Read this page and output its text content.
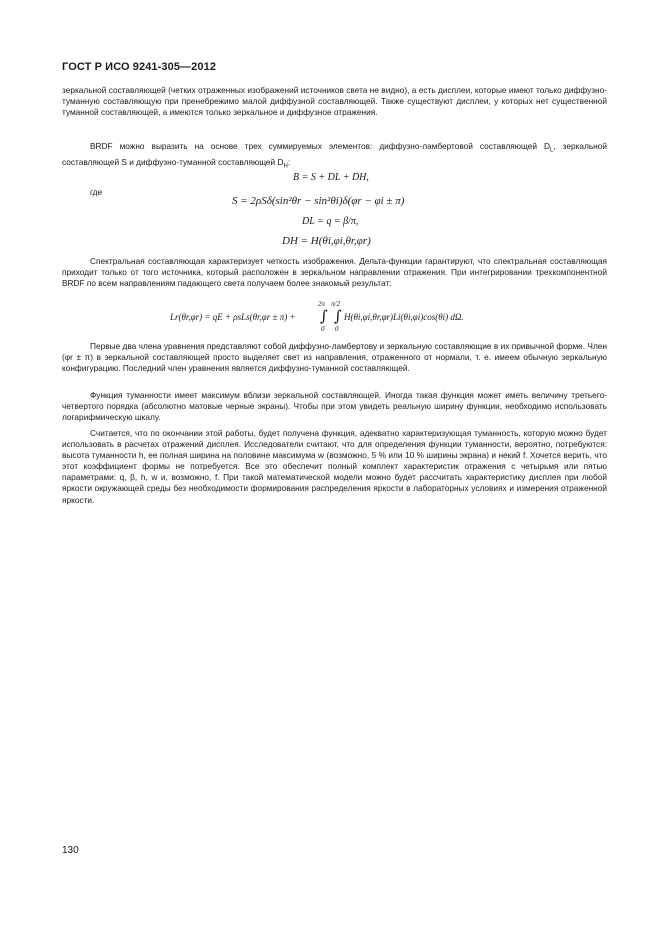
ГОСТ Р ИСО 9241-305—2012

зеркальной составляющей (четких отраженных изображений источников света не видно), а есть дисплеи, которые имеют только диффузно-туманную составляющую при пренебрежимо малой диффузной составляющей. Также существуют дисплеи, у которых нет существенной туманной составляющей, а имеются только зеркальное и диффузное отражения.

BRDF можно выразить на основе трех суммируемых элементов: диффузно-ламбертовой составляющей $D_L$, зеркальной составляющей S и диффузно-туманной составляющей $D_H$:

B = S + DL + DH,
где
S = 2ρSδ(sin²θr − sin²θi)δ(φr − φi ± π)
DL = q = β/π,
DH = H(θi,φi,θr,φr)

Спектральная составляющая характеризует четкость изображения. Дельта-функции гарантируют, что спектральная составляющая приходит только от того источника, который расположен в зеркальном направлении отражения. При интегрировании трехкомпонентной BRDF по всем направлениям падающего света получаем более знакомый результат:

Lr(θr,φr) = qE + ρsLs(θr,φr ± π) +
2π
∫
0
π/2
∫
0
H(θi,φi,θr,φr)Li(θi,φi)cos(θi) dΩ.

Первые два члена уравнения представляют собой диффузно-ламбертову и зеркальную составляющие в их привычной форме. Член (φr ± π) в зеркальной составляющей просто выделяет свет из направления, отраженного от нормали, т. е. имеем обычную зеркальную конфигурацию. Последний член уравнения является диффузно-туманной составляющей.

Функция туманности имеет максимум вблизи зеркальной составляющей. Иногда такая функция может иметь величину третьего-четвертого порядка (абсолютно матовые черные экраны). Чтобы при этом увидеть реальную ширину функции, необходимо использовать логарифмическую шкалу.

Считается, что по окончании этой работы, будет получена функция, адекватно характеризующая туманность, которую можно будет использовать в расчетах отражений дисплея. Исследователи считают, что для определения функции туманности, вероятно, потребуются: высота туманности h, ее полная ширина на половине максимума w (возможно, 5 % или 10 % ширины экрана) и некий f. Хочется верить, что этот коэффициент формы не потребуется. Все это обеспечит полный комплект характеристик отражения с четырьмя или пятью параметрами: q, β, h, w и, возможно, f. При такой математической модели можно будет рассчитать характеристику дисплея при любой яркости окружающей среды без необходимости формирования распределения яркости в лабораторных условиях и измерения отраженной яркости.

130
